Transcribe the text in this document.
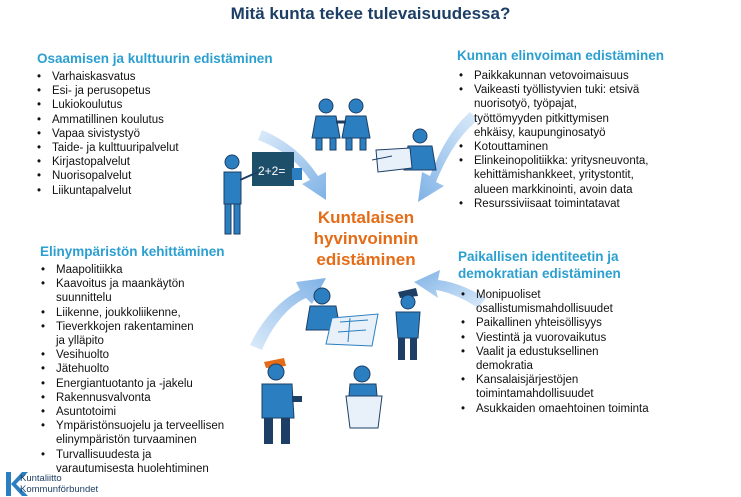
Mitä kunta tekee tulevaisuudessa?
2+2=
Osaamisen ja kulttuurin edistäminen
• Varhaiskasvatus
• Esi- ja perusopetus
• Lukiokoulutus
• Ammatillinen koulutus
• Vapaa sivistystyö
• Taide- ja kulttuuripalvelut
• Kirjastopalvelut
• Nuorisopalvelut
• Liikuntapalvelut
Kunnan elinvoiman edistäminen
• Paikkakunnan vetovoimaisuus
• Vaikeasti työllistyvien tuki: etsivä
nuorisotyö, työpajat,
työttömyyden pitkittymisen
ehkäisy, kaupunginosatyö
• Kotouttaminen
• Elinkeinopolitiikka: yritysneuvonta,
kehittämishankkeet, yritystontit,
alueen markkinointi, avoin data
• Resurssiviisaat toimintatavat
Kuntalaisen
hyvinvoinnin
edistäminen
Elinympäristön kehittäminen
• Maapolitiikka
• Kaavoitus ja maankäytön
suunnittelu
• Liikenne, joukkoliikenne,
• Tieverkkojen rakentaminen
ja ylläpito
• Vesihuolto
• Jätehuolto
• Energiantuotanto ja -jakelu
• Rakennusvalvonta
• Asuntotoimi
• Ympäristönsuojelu ja terveellisen
elinympäristön turvaaminen
• Turvallisuudesta ja
varautumisesta huolehtiminen
Paikallisen identiteetin ja
demokratian edistäminen
• Monipuoliset
osallistumismahdollisuudet
• Paikallinen yhteisöllisyys
• Viestintä ja vuorovaikutus
• Vaalit ja edustuksellinen
demokratia
• Kansalaisjärjestöjen
toimintamahdollisuudet
• Asukkaiden omaehtoinen toiminta
Kuntaliitto
Kommunförbundet
